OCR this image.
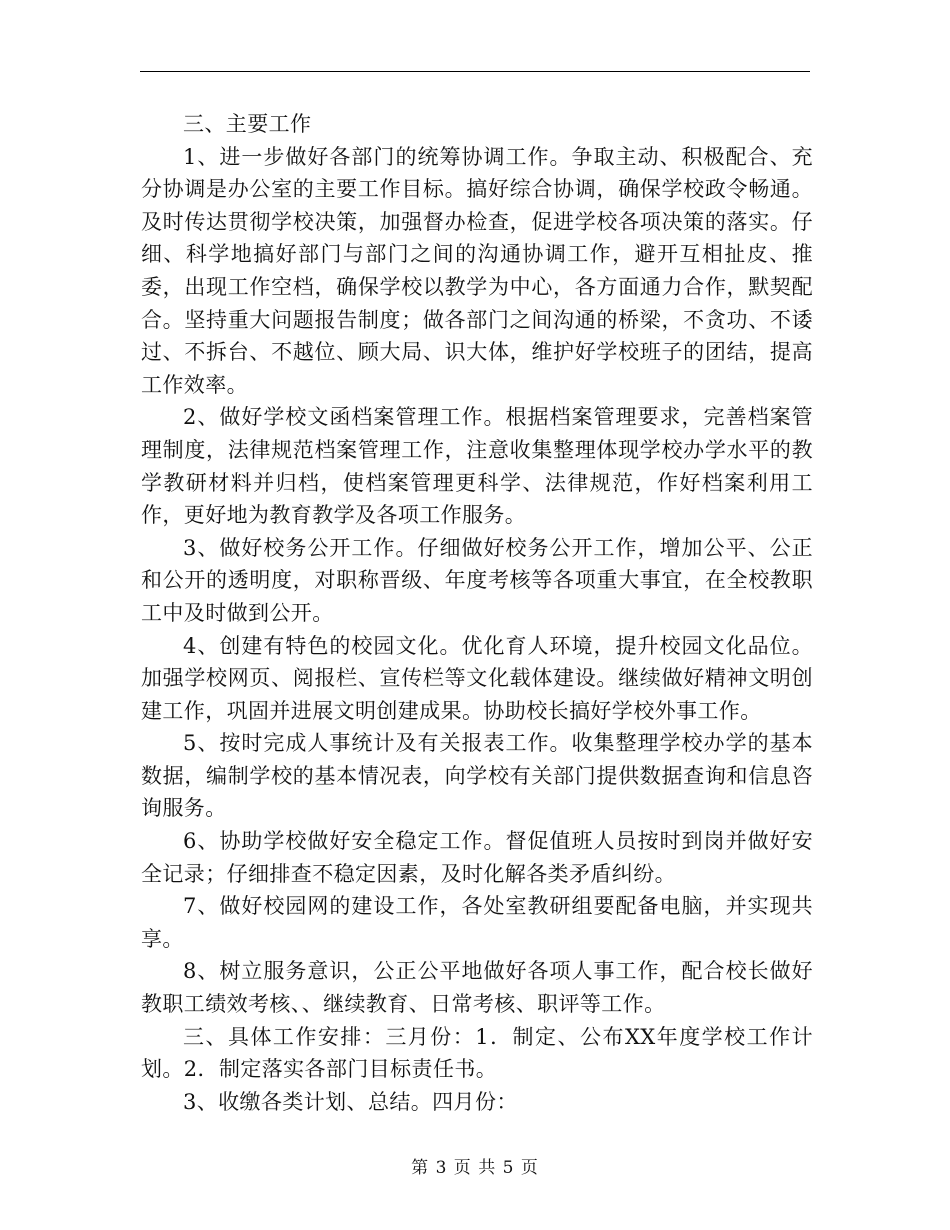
三、主要工作

1、进一步做好各部门的统筹协调工作。争取主动、积极配合、充分协调是办公室的主要工作目标。搞好综合协调，确保学校政令畅通。及时传达贯彻学校决策，加强督办检查，促进学校各项决策的落实。仔细、科学地搞好部门与部门之间的沟通协调工作，避开互相扯皮、推委，出现工作空档，确保学校以教学为中心，各方面通力合作，默契配合。坚持重大问题报告制度；做各部门之间沟通的桥梁，不贪功、不诿过、不拆台、不越位、顾大局、识大体，维护好学校班子的团结，提高工作效率。

2、做好学校文函档案管理工作。根据档案管理要求，完善档案管理制度，法律规范档案管理工作，注意收集整理体现学校办学水平的教学教研材料并归档，使档案管理更科学、法律规范，作好档案利用工作，更好地为教育教学及各项工作服务。

3、做好校务公开工作。仔细做好校务公开工作，增加公平、公正和公开的透明度，对职称晋级、年度考核等各项重大事宜，在全校教职工中及时做到公开。

4、创建有特色的校园文化。优化育人环境，提升校园文化品位。加强学校网页、阅报栏、宣传栏等文化载体建设。继续做好精神文明创建工作，巩固并进展文明创建成果。协助校长搞好学校外事工作。

5、按时完成人事统计及有关报表工作。收集整理学校办学的基本数据，编制学校的基本情况表，向学校有关部门提供数据查询和信息咨询服务。

6、协助学校做好安全稳定工作。督促值班人员按时到岗并做好安全记录；仔细排查不稳定因素，及时化解各类矛盾纠纷。

7、做好校园网的建设工作，各处室教研组要配备电脑，并实现共享。

8、树立服务意识，公正公平地做好各项人事工作，配合校长做好教职工绩效考核、、继续教育、日常考核、职评等工作。

三、具体工作安排：三月份：1．制定、公布XX年度学校工作计划。2．制定落实各部门目标责任书。

3、收缴各类计划、总结。四月份：

第 3 页 共 5 页
